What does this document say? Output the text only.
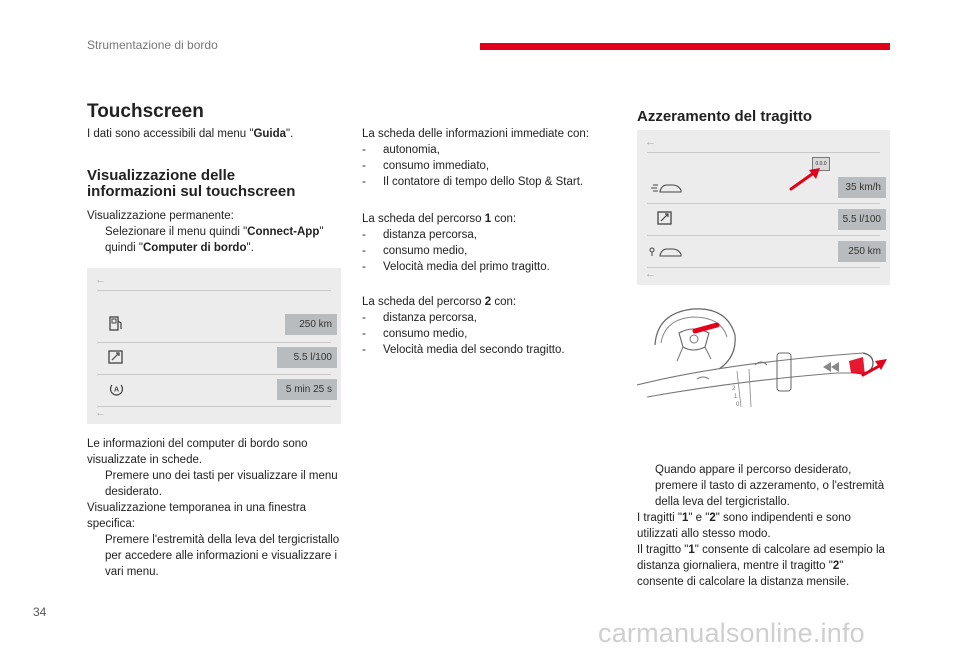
Strumentazione di bordo
Touchscreen
I dati sono accessibili dal menu "Guida".
Visualizzazione delle
informazioni sul touchscreen
Visualizzazione permanente:
Selezionare il menu quindi "Connect-App" quindi "Computer di bordo".
←
250 km
5.5 l/100
A	5 min 25 s
←
Le informazioni del computer di bordo sono visualizzate in schede.
Premere uno dei tasti per visualizzare il menu desiderato.
Visualizzazione temporanea in una finestra specifica:
Premere l'estremità della leva del tergicristallo per accedere alle informazioni e visualizzare i vari menu.
La scheda delle informazioni immediate con:
- autonomia,
- consumo immediato,
- Il contatore di tempo dello Stop & Start.
La scheda del percorso 1 con:
- distanza percorsa,
- consumo medio,
- Velocità media del primo tragitto.
La scheda del percorso 2 con:
- distanza percorsa,
- consumo medio,
- Velocità media del secondo tragitto.
Azzeramento del tragitto
←
0.0.0
35 km/h
5.5 l/100
250 km
←
2
1
0
Quando appare il percorso desiderato, premere il tasto di azzeramento, o l'estremità della leva del tergicristallo.
I tragitti "1" e "2" sono indipendenti e sono utilizzati allo stesso modo.
Il tragitto "1" consente di calcolare ad esempio la distanza giornaliera, mentre il tragitto "2" consente di calcolare la distanza mensile.
34
carmanualsonline.info
